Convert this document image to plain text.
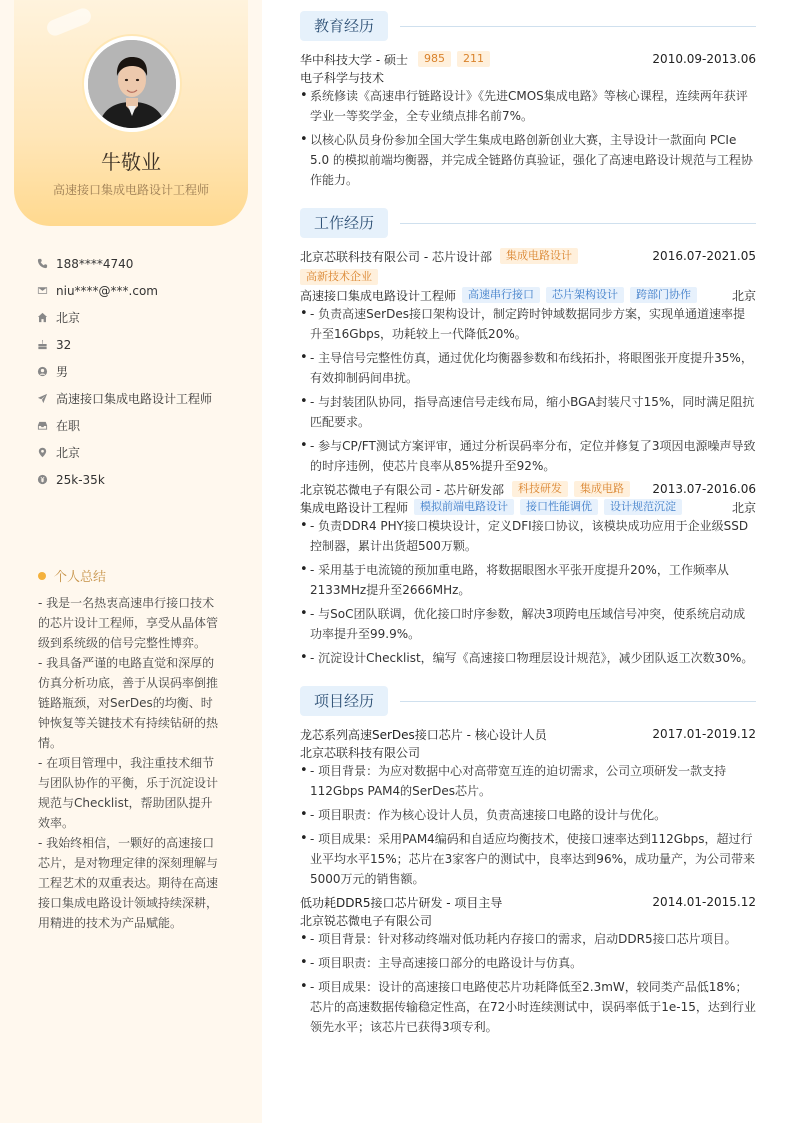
牛敬业
高速接口集成电路设计工程师
188****4740
niu****@***.com
北京
32
男
高速接口集成电路设计工程师
在职
北京
25k-35k
个人总结

- 我是一名热衷高速串行接口技术的芯片设计工程师，享受从晶体管级到系统级的信号完整性博弈。

- 我具备严谨的电路直觉和深厚的仿真分析功底，善于从误码率倒推链路瓶颈，对SerDes的均衡、时钟恢复等关键技术有持续钻研的热情。

- 在项目管理中，我注重技术细节与团队协作的平衡，乐于沉淀设计规范与Checklist，帮助团队提升效率。

- 我始终相信，一颗好的高速接口芯片，是对物理定律的深刻理解与工程艺术的双重表达。期待在高速接口集成电路设计领域持续深耕，用精进的技术为产品赋能。

教育经历
华中科技大学 - 硕士	985	211	2010.09-2013.06
电子科学与技术
• 系统修读《高速串行链路设计》《先进CMOS集成电路》等核心课程，连续两年获评学业一等奖学金，全专业绩点排名前7%。
• 以核心队员身份参加全国大学生集成电路创新创业大赛，主导设计一款面向 PCIe 5.0 的模拟前端均衡器，并完成全链路仿真验证，强化了高速电路设计规范与工程协作能力。
工作经历
北京芯联科技有限公司 - 芯片设计部	集成电路设计	2016.07-2021.05
高新技术企业
高速接口集成电路设计工程师	高速串行接口	芯片架构设计	跨部门协作	北京
• - 负责高速SerDes接口架构设计，制定跨时钟域数据同步方案，实现单通道速率提升至16Gbps，功耗较上一代降低20%。
• - 主导信号完整性仿真，通过优化均衡器参数和布线拓扑，将眼图张开度提升35%，有效抑制码间串扰。
• - 与封装团队协同，指导高速信号走线布局，缩小BGA封装尺寸15%，同时满足阻抗匹配要求。
• - 参与CP/FT测试方案评审，通过分析误码率分布，定位并修复了3项因电源噪声导致的时序违例，使芯片良率从85%提升至92%。
北京锐芯微电子有限公司 - 芯片研发部	科技研发	集成电路	2013.07-2016.06
集成电路设计工程师	模拟前端电路设计	接口性能调优	设计规范沉淀	北京
• - 负责DDR4 PHY接口模块设计，定义DFI接口协议，该模块成功应用于企业级SSD控制器，累计出货超500万颗。
• - 采用基于电流镜的预加重电路，将数据眼图水平张开度提升20%，工作频率从2133MHz提升至2666MHz。
• - 与SoC团队联调，优化接口时序参数，解决3项跨电压域信号冲突，使系统启动成功率提升至99.9%。
• - 沉淀设计Checklist，编写《高速接口物理层设计规范》，减少团队返工次数30%。
项目经历
龙芯系列高速SerDes接口芯片 - 核心设计人员	2017.01-2019.12
北京芯联科技有限公司
• - 项目背景：为应对数据中心对高带宽互连的迫切需求，公司立项研发一款支持112Gbps PAM4的SerDes芯片。
• - 项目职责：作为核心设计人员，负责高速接口电路的设计与优化。
• - 项目成果：采用PAM4编码和自适应均衡技术，使接口速率达到112Gbps，超过行业平均水平15%；芯片在3家客户的测试中，良率达到96%，成功量产，为公司带来5000万元的销售额。
低功耗DDR5接口芯片研发 - 项目主导	2014.01-2015.12
北京锐芯微电子有限公司
• - 项目背景：针对移动终端对低功耗内存接口的需求，启动DDR5接口芯片项目。
• - 项目职责：主导高速接口部分的电路设计与仿真。
• - 项目成果：设计的高速接口电路使芯片功耗降低至2.3mW，较同类产品低18%；芯片的高速数据传输稳定性高，在72小时连续测试中，误码率低于1e-15，达到行业领先水平；该芯片已获得3项专利。
